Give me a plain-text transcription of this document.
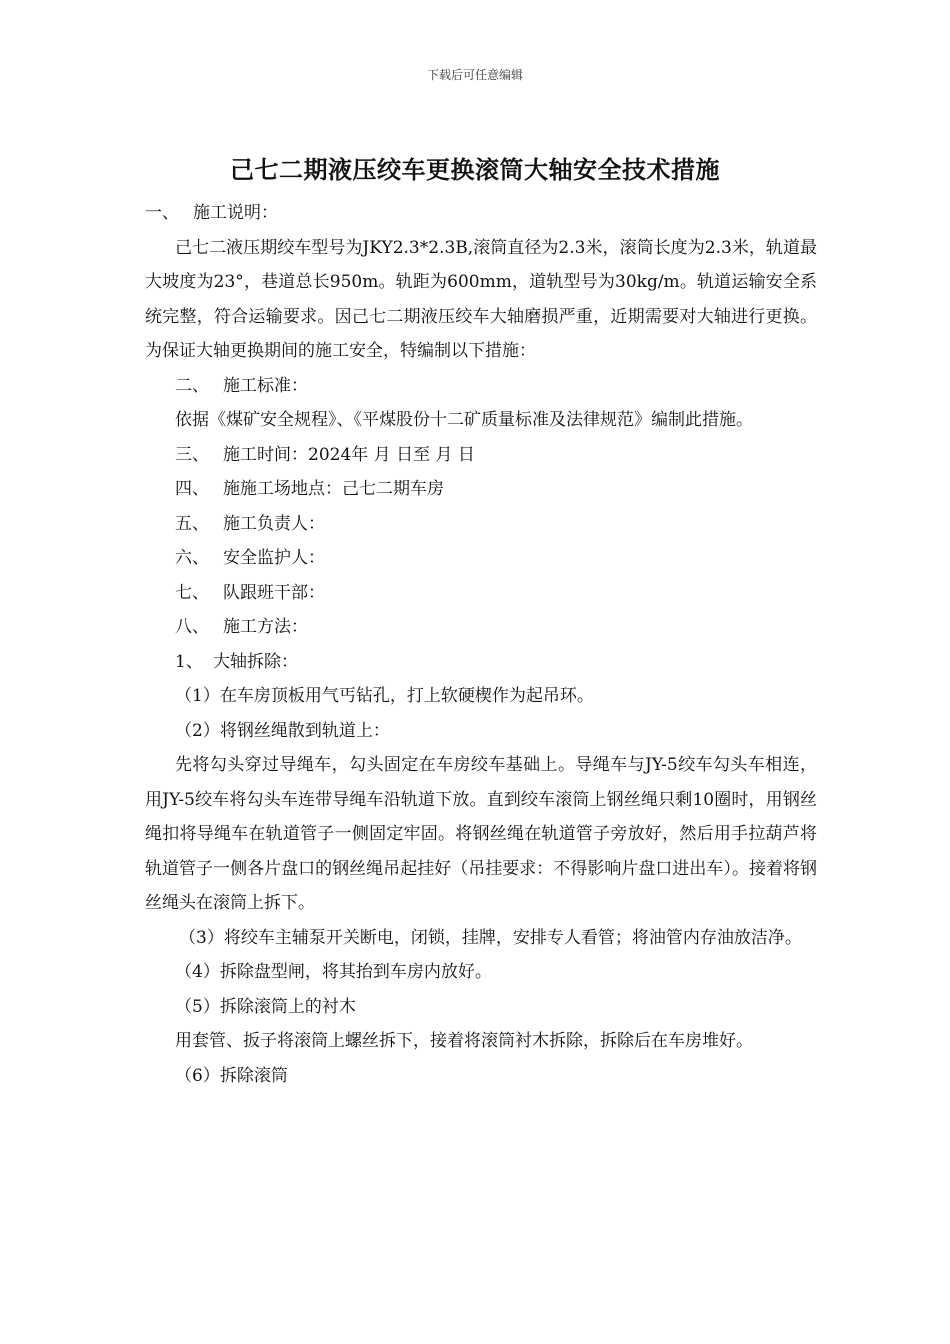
下载后可任意编辑
己七二期液压绞车更换滚筒大轴安全技术措施

一、 施工说明：

己七二液压期绞车型号为JKY2.3*2.3B,滚筒直径为2.3米，滚筒长度为2.3米，轨道最大坡度为23°，巷道总长950m。轨距为600mm，道轨型号为30kg/m。轨道运输安全系统完整，符合运输要求。因己七二期液压绞车大轴磨损严重，近期需要对大轴进行更换。为保证大轴更换期间的施工安全，特编制以下措施：

二、 施工标准：

依据《煤矿安全规程》、《平煤股份十二矿质量标准及法律规范》编制此措施。

三、 施工时间：2024年 月 日至 月 日

四、 施施工场地点：己七二期车房

五、 施工负责人：

六、 安全监护人：

七、 队跟班干部：

八、 施工方法：

1、 大轴拆除：

（1）在车房顶板用气丐钻孔，打上软硬楔作为起吊环。

（2）将钢丝绳散到轨道上：

先将勾头穿过导绳车，勾头固定在车房绞车基础上。导绳车与JY-5绞车勾头车相连，用JY-5绞车将勾头车连带导绳车沿轨道下放。直到绞车滚筒上钢丝绳只剩10圈时，用钢丝绳扣将导绳车在轨道管子一侧固定牢固。将钢丝绳在轨道管子旁放好，然后用手拉葫芦将轨道管子一侧各片盘口的钢丝绳吊起挂好（吊挂要求：不得影响片盘口进出车）。接着将钢丝绳头在滚筒上拆下。

（3）将绞车主辅泵开关断电，闭锁，挂牌，安排专人看管；将油管内存油放洁净。

（4）拆除盘型闸，将其抬到车房内放好。

（5）拆除滚筒上的衬木

用套管、扳子将滚筒上螺丝拆下，接着将滚筒衬木拆除，拆除后在车房堆好。

（6）拆除滚筒
